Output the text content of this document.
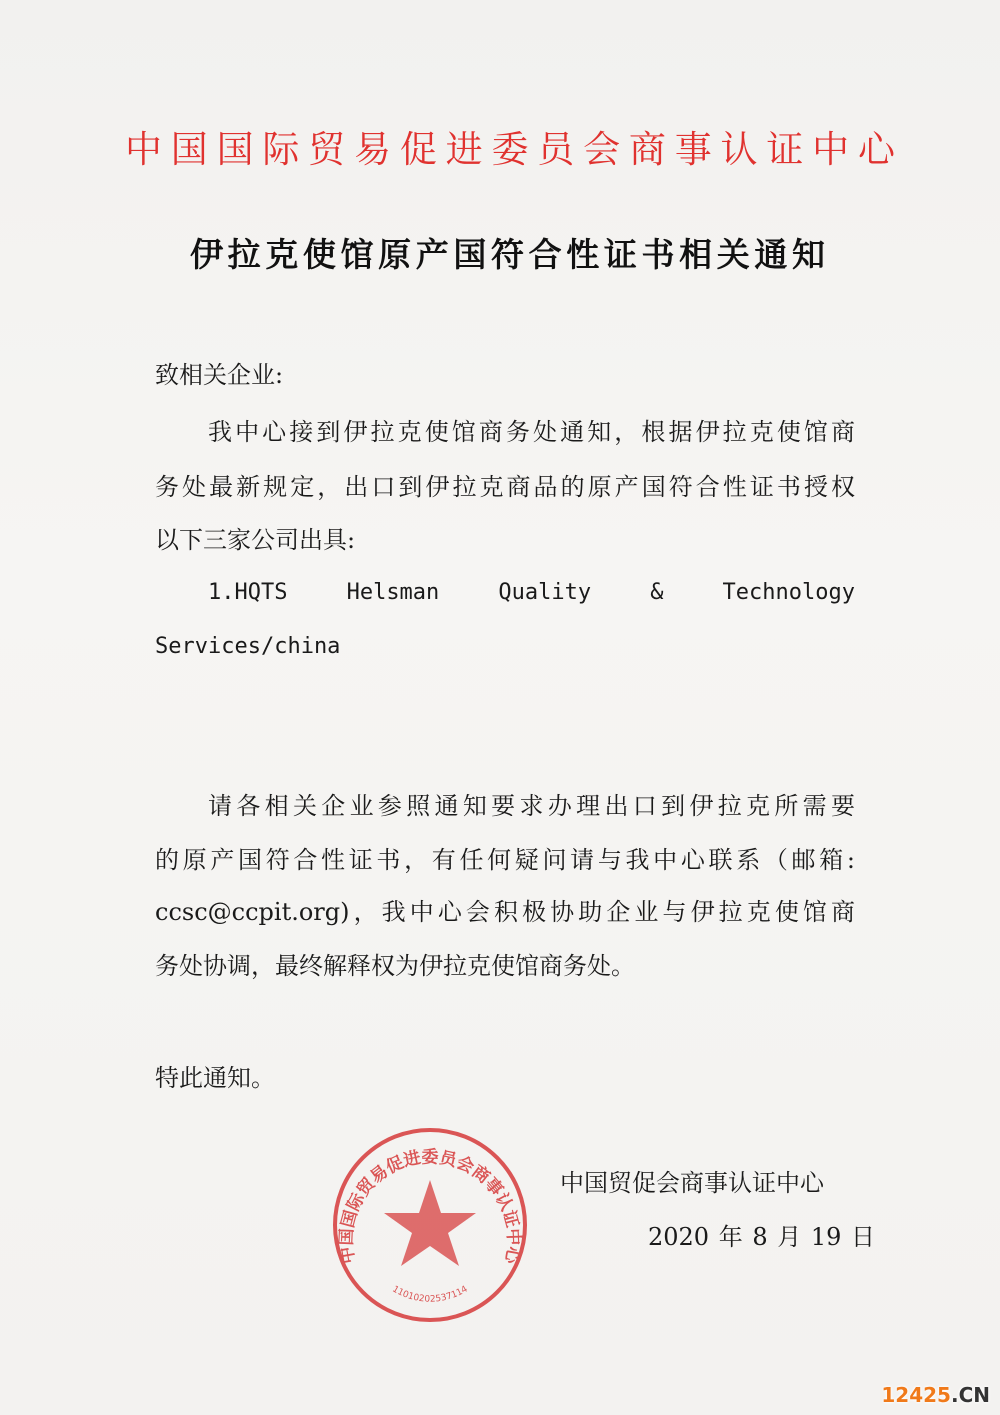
中国国际贸易促进委员会商事认证中心
伊拉克使馆原产国符合性证书相关通知
致相关企业:
我中心接到伊拉克使馆商务处通知，根据伊拉克使馆商
务处最新规定，出口到伊拉克商品的原产国符合性证书授权
以下三家公司出具:
1.HQTS	Helsman	Quality	&	Technology
Services/china
请各相关企业参照通知要求办理出口到伊拉克所需要
的原产国符合性证书，有任何疑问请与我中心联系（邮箱:
ccsc@ccpit.org)，我中心会积极协助企业与伊拉克使馆商
务处协调，最终解释权为伊拉克使馆商务处。
特此通知。
中国国际贸易促进委员会商事认证中心
11010202537114
中国贸促会商事认证中心
2020 年 8 月 19 日
12425.CN
